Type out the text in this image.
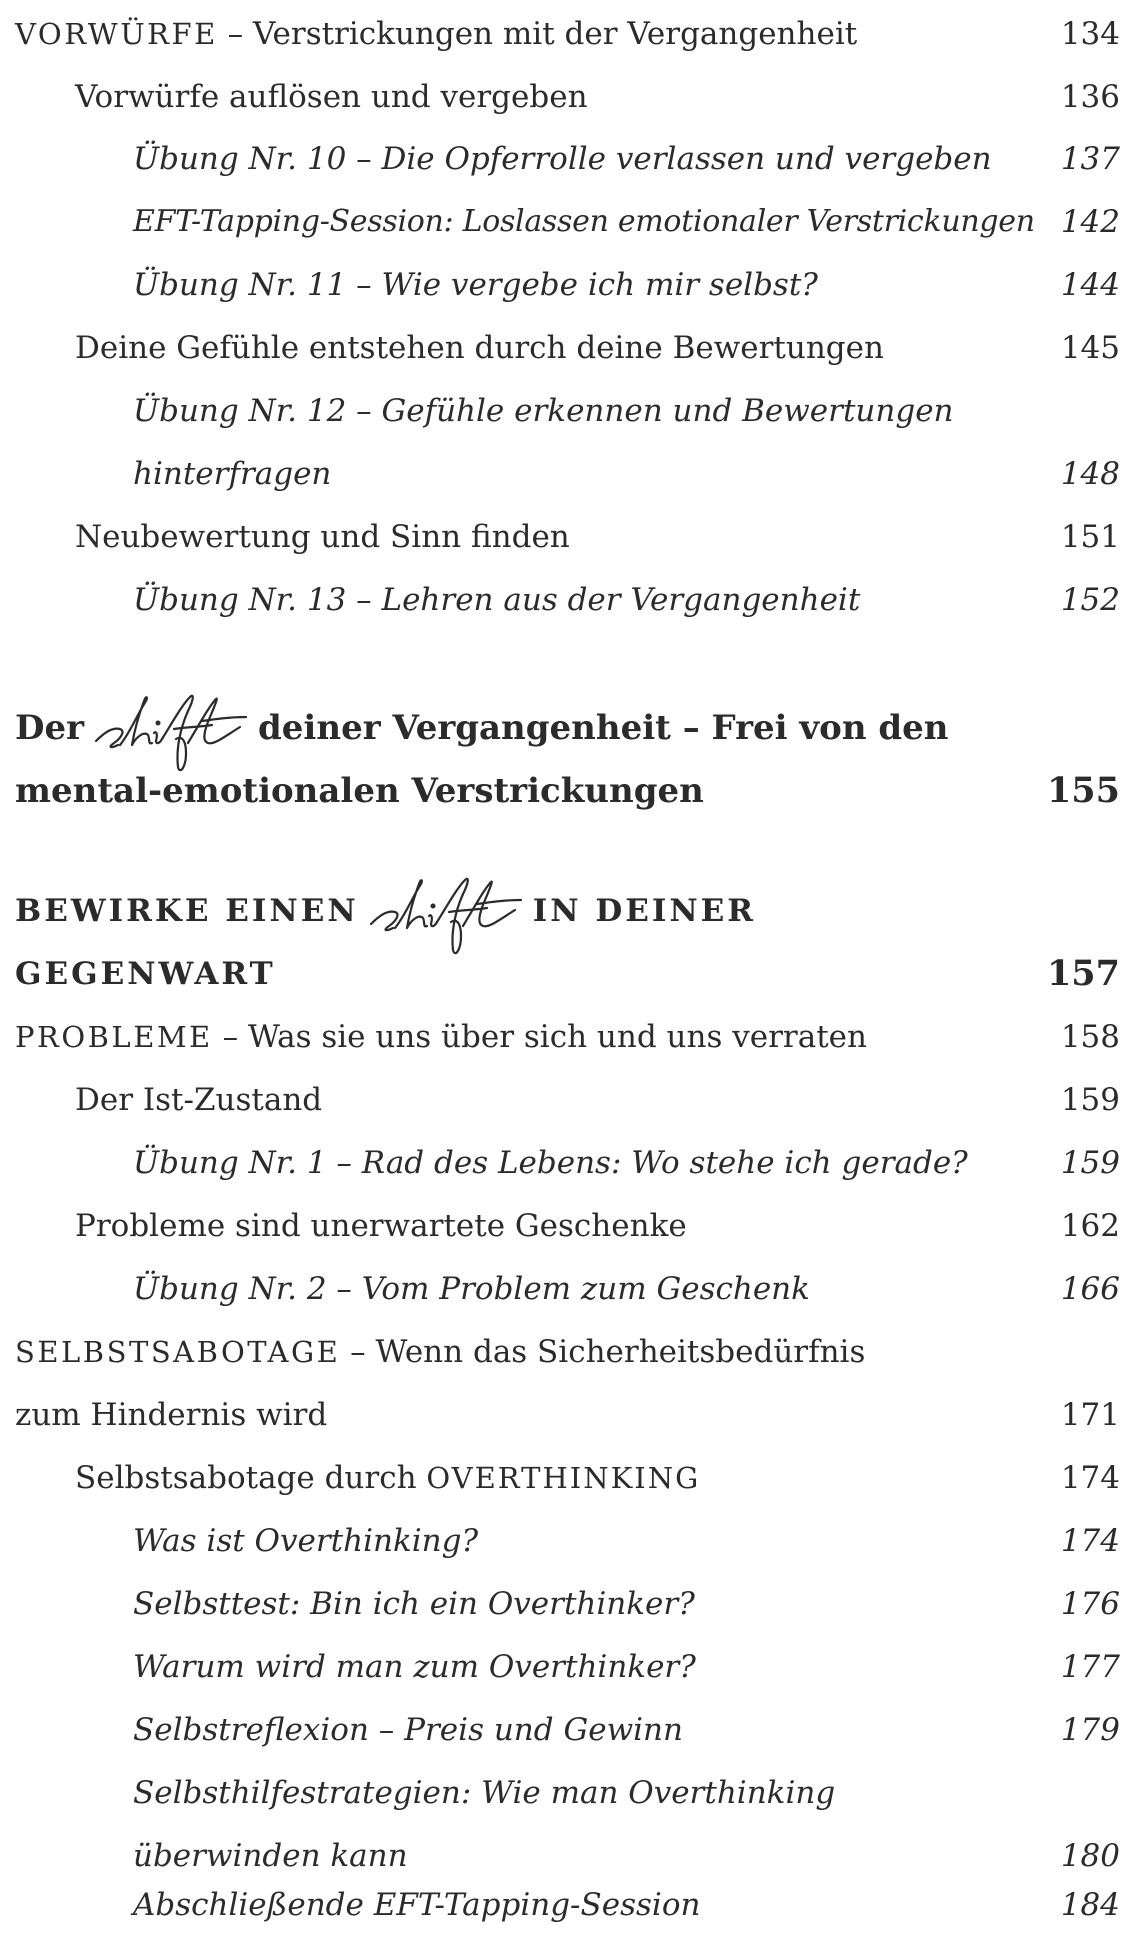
VORWÜRFE – Verstrickungen mit der Vergangenheit	134
Vorwürfe auflösen und vergeben	136
Übung Nr. 10 – Die Opferrolle verlassen und vergeben 137
EFT-Tapping-Session: Loslassen emotionaler Verstrickungen 142
Übung Nr. 11 – Wie vergebe ich mir selbst?	144
Deine Gefühle entstehen durch deine Bewertungen	145
Übung Nr. 12 – Gefühle erkennen und Bewertungen
hinterfragen	148
Neubewertung und Sinn finden	151
Übung Nr. 13 – Lehren aus der Vergangenheit	152
Der	deiner Vergangenheit – Frei von den
mental-emotionalen Verstrickungen	155
BEWIRKE EINEN	IN DEINER
GEGENWART	157
PROBLEME – Was sie uns über sich und uns verraten	158
Der Ist-Zustand	159
Übung Nr. 1 – Rad des Lebens: Wo stehe ich gerade?	159
Probleme sind unerwartete Geschenke	162
Übung Nr. 2 – Vom Problem zum Geschenk	166
SELBSTSABOTAGE – Wenn das Sicherheitsbedürfnis
zum Hindernis wird	171
Selbstsabotage durch OVERTHINKING	174
Was ist Overthinking?	174
Selbsttest: Bin ich ein Overthinker?	176
Warum wird man zum Overthinker?	177
Selbstreflexion – Preis und Gewinn	179
Selbsthilfestrategien: Wie man Overthinking
überwinden kann	180
Abschließende EFT-Tapping-Session	184
